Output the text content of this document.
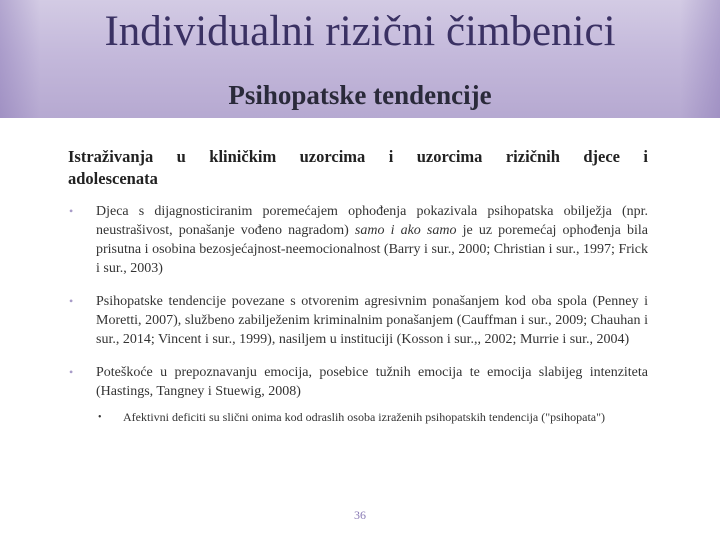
Individualni rizični čimbenici
Psihopatske tendencije
Istraživanja u kliničkim uzorcima i uzorcima rizičnih djece i
adolescenata
• Djeca s dijagnosticiranim poremećajem ophođenja pokazivala psihopatska obilježja (npr. neustrašivost, ponašanje vođeno nagradom) samo i ako samo je uz poremećaj ophođenja bila prisutna i osobina bezosjećajnost-neemocionalnost (Barry i sur., 2000; Christian i sur., 1997; Frick i sur., 2003)
• Psihopatske tendencije povezane s otvorenim agresivnim ponašanjem kod oba spola (Penney i Moretti, 2007), službeno zabilježenim kriminalnim ponašanjem (Cauffman i sur., 2009; Chauhan i sur., 2014; Vincent i sur., 1999), nasiljem u instituciji (Kosson i sur.,, 2002; Murrie i sur., 2004)
• Poteškoće u prepoznavanju emocija, posebice tužnih emocija te emocija slabijeg intenziteta (Hastings, Tangney i Stuewig, 2008)
• Afektivni deficiti su slični onima kod odraslih osoba izraženih psihopatskih tendencija ("psihopata")
36
